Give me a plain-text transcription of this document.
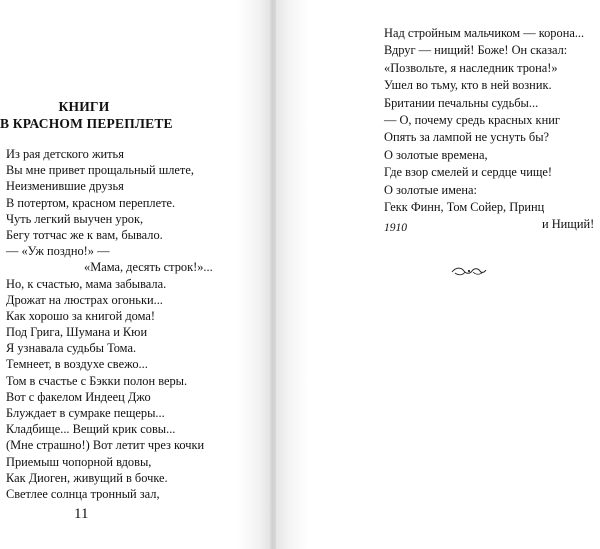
КНИГИ
В КРАСНОМ ПЕРЕПЛЕТЕ
Из рая детского житья
Вы мне привет прощальный шлете,
Неизменившие друзья
В потертом, красном переплете.
Чуть легкий выучен урок,
Бегу тотчас же к вам, бывало.
— «Уж поздно!» —
«Мама, десять строк!»...
Но, к счастью, мама забывала.
Дрожат на люстрах огоньки...
Как хорошо за книгой дома!
Под Грига, Шумана и Кюи
Я узнавала судьбы Тома.
Темнеет, в воздухе свежо...
Том в счастье с Бэкки полон веры.
Вот с факелом Индеец Джо
Блуждает в сумраке пещеры...
Кладбище... Вещий крик совы...
(Мне страшно!) Вот летит чрез кочки
Приемыш чопорной вдовы,
Как Диоген, живущий в бочке.
Светлее солнца тронный зал,
11
Над стройным мальчиком — корона...
Вдруг — нищий! Боже! Он сказал:
«Позвольте, я наследник трона!»
Ушел во тьму, кто в ней возник.
Британии печальны судьбы...
— О, почему средь красных книг
Опять за лампой не уснуть бы?
О золотые времена,
Где взор смелей и сердце чище!
О золотые имена:
Гекк Финн, Том Сойер, Принц
и Нищий!
1910
